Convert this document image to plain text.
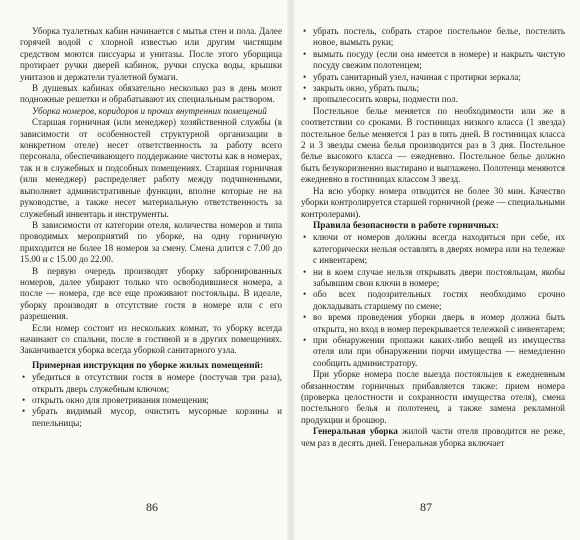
Уборка туалетных кабин начинается с мытья стен и пола. Далее горячей водой с хлорной известью или другим чистящим средством моются писсуары и унитазы. После этого уборщица протирает ручки дверей кабинок, ручки спуска воды, крышки унитазов и держатели туалетной бумаги.

В душевых кабинах обязательно несколько раз в день моют подножные решетки и обрабатывают их специальным раствором.

Уборка номеров, коридоров и прочих внутренних помещений

Старшая горничная (или менеджер) хозяйственной службы (в зависимости от особенностей структурной организации в конкретном отеле) несет ответственность за работу всего персонала, обеспечивающего поддержание чистоты как в номерах, так и в служебных и подсобных помещениях. Старшая горничная (или менеджер) распределяет работу между подчиненными, выполняет административные функции, вполне которые не на руководстве, а также несет материальную ответственность за служебный инвентарь и инструменты.

В зависимости от категории отеля, количества номеров и типа проводимых мероприятий по уборке, на одну горничную приходится не более 18 номеров за смену. Смена длится с 7.00 до 15.00 и с 15.00 до 22.00.

В первую очередь производят уборку забронированных номеров, далее убирают только что освободившиеся номера, а после — номера, где все еще проживают постояльцы. В идеале, уборку производят в отсутствие гостя в номере или с его разрешения.

Если номер состоит из нескольких комнат, то уборку всегда начинают со спальни, после в гостиной и в других помещениях. Заканчивается уборка всегда уборкой санитарного узла.

Примерная инструкция по уборке жилых помещений:
• убедиться в отсутствии гостя в номере (постучав три раза), открыть дверь служебным ключом;
• открыть окно для проветривания помещения;
• убрать видимый мусор, очистить мусорные корзины и пепельницы;
86
• убрать постель, собрать старое постельное белье, постелить новое, вымыть руки;
• вымыть посуду (если она имеется в номере) и накрыть чистую посуду свежим полотенцем;
• убрать санитарный узел, начиная с протирки зеркала;
• закрыть окно, убрать пыль;
• пропылесосить ковры, подмести пол.

Постельное белье меняется по необходимости или же в соответствии со сроками. В гостиницах низкого класса (1 звезда) постельное белье меняется 1 раз в пять дней. В гостиницах класса 2 и 3 звезды смена белья производится раз в 3 дня. Постельное белье высокого класса — ежедневно. Постельное белье должно быть безукоризненно выстирано и выглажено. Полотенца меняются ежедневно в гостиницах классом 3 звезд.

На всю уборку номера отводится не более 30 мин. Качество уборки контролируется старшей горничной (реже — специальными контролерами).

Правила безопасности в работе горничных:
• ключи от номеров должны всегда находиться при себе, их категорически нельзя оставлять в дверях номера или на тележке с инвентарем;
• ни в коем случае нельзя открывать двери постояльцам, якобы забывшим свои ключи в номере;
• обо всех подозрительных гостях необходимо срочно докладывать старшему по смене;
• во время проведения уборки дверь в номер должна быть открыта, но вход в номер перекрывается тележкой с инвентарем;
• при обнаружении пропажи каких-либо вещей из имущества отеля или при обнаружении порчи имущества — немедленно сообщить администратору.

При уборке номера после выезда постояльцев к ежедневным обязанностям горничных прибавляется также: прием номера (проверка целостности и сохранности имущества отеля), смена постельного белья и полотенец, а также замена рекламной продукции и брошюр.

Генеральная уборка жилой части отеля проводится не реже, чем раз в десять дней. Генеральная уборка включает

87
